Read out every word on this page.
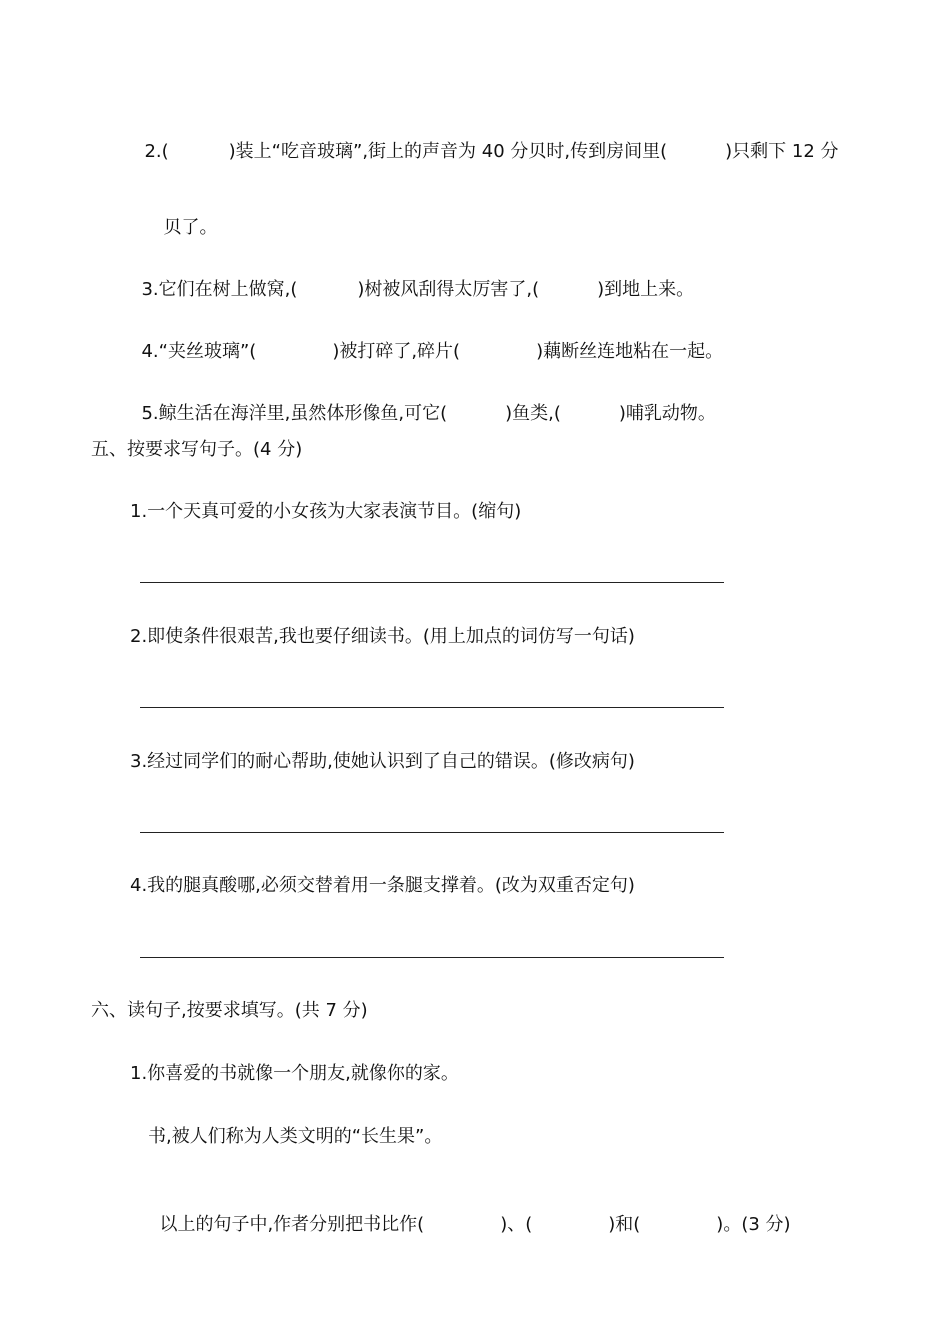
2.(	)装上“吃音玻璃”,街上的声音为 40 分贝时,传到房间里(	)只剩下 12 分

贝了。

3.它们在树上做窝,(	)树被风刮得太厉害了,(	)到地上来。

4.“夹丝玻璃”(	)被打碎了,碎片(	)藕断丝连地粘在一起。

5.鲸生活在海洋里,虽然体形像鱼,可它(	)鱼类,(	)哺乳动物。

五、按要求写句子。(4 分)
1.一个天真可爱的小女孩为大家表演节目。(缩句)
2.即使条件很艰苦,我也要仔细读书。(用上加点的词仿写一句话)
3.经过同学们的耐心帮助,使她认识到了自己的错误。(修改病句)
4.我的腿真酸哪,必须交替着用一条腿支撑着。(改为双重否定句)
六、读句子,按要求填写。(共 7 分)
1.你喜爱的书就像一个朋友,就像你的家。
书,被人们称为人类文明的“长生果”。

以上的句子中,作者分别把书比作(	)、(	)和(	)。(3 分)
